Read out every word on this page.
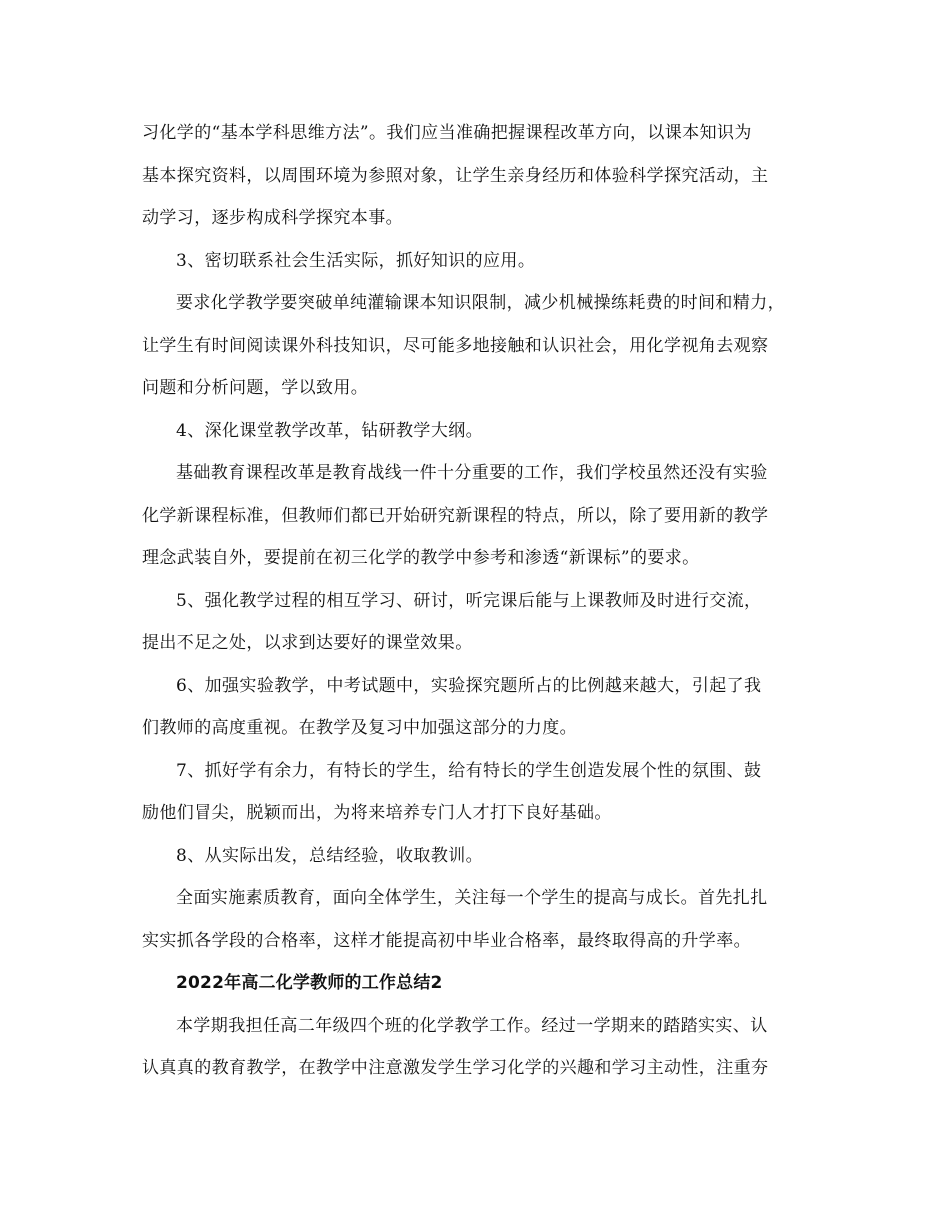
习化学的“基本学科思维方法”。我们应当准确把握课程改革方向，以课本知识为
基本探究资料，以周围环境为参照对象，让学生亲身经历和体验科学探究活动，主
动学习，逐步构成科学探究本事。

3、密切联系社会生活实际，抓好知识的应用。

要求化学教学要突破单纯灌输课本知识限制，减少机械操练耗费的时间和精力，
让学生有时间阅读课外科技知识，尽可能多地接触和认识社会，用化学视角去观察
问题和分析问题，学以致用。

4、深化课堂教学改革，钻研教学大纲。

基础教育课程改革是教育战线一件十分重要的工作，我们学校虽然还没有实验
化学新课程标准，但教师们都已开始研究新课程的特点，所以，除了要用新的教学
理念武装自外，要提前在初三化学的教学中参考和渗透“新课标”的要求。

5、强化教学过程的相互学习、研讨，听完课后能与上课教师及时进行交流，
提出不足之处，以求到达要好的课堂效果。

6、加强实验教学，中考试题中，实验探究题所占的比例越来越大，引起了我
们教师的高度重视。在教学及复习中加强这部分的力度。

7、抓好学有余力，有特长的学生，给有特长的学生创造发展个性的氛围、鼓
励他们冒尖，脱颖而出，为将来培养专门人才打下良好基础。

8、从实际出发，总结经验，收取教训。

全面实施素质教育，面向全体学生，关注每一个学生的提高与成长。首先扎扎
实实抓各学段的合格率，这样才能提高初中毕业合格率，最终取得高的升学率。

2022年高二化学教师的工作总结2

本学期我担任高二年级四个班的化学教学工作。经过一学期来的踏踏实实、认
认真真的教育教学，在教学中注意激发学生学习化学的兴趣和学习主动性，注重夯
